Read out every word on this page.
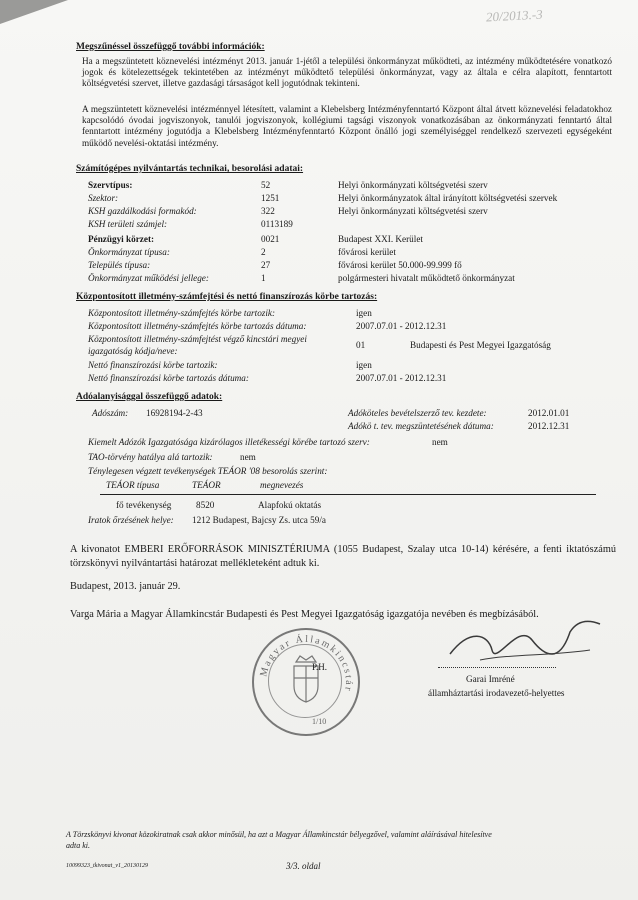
20/2013.-3

Megszűnéssel összefüggő további információk:
Ha a megszüntetett köznevelési intézményt 2013. január 1-jétől a települési önkormányzat működteti, az intézmény működtetésére vonatkozó jogok és kötelezettségek tekintetében az intézményt működtető települési önkormányzat, vagy az általa e célra alapított, fenntartott költségvetési szervet, illetve gazdasági társaságot kell jogutódnak tekinteni.
A megszüntetett köznevelési intézménnyel létesített, valamint a Klebelsberg Intézményfenntartó Központ által átvett köznevelési feladatokhoz kapcsolódó óvodai jogviszonyok, tanulói jogviszonyok, kollégiumi tagsági viszonyok vonatkozásában az önkormányzati fenntartó által fenntartott intézmény jogutódja a Klebelsberg Intézményfenntartó Központ önálló jogi személyiséggel rendelkező szervezeti egységeként működő nevelési-oktatási intézmény.
Számítógépes nyilvántartás technikai, besorolási adatai:
Szervtípus:	52	Helyi önkormányzati költségvetési szerv
Szektor:	1251	Helyi önkormányzatok által irányított költségvetési szervek
KSH gazdálkodási formakód:	322	Helyi önkormányzati költségvetési szerv
KSH területi számjel:	0113189
Pénzügyi körzet:	0021	Budapest XXI. Kerület
Önkormányzat típusa:	2	fővárosi kerület
Település típusa:	27	fővárosi kerület 50.000-99.999 fő
Önkormányzat működési jellege:	1	polgármesteri hivatalt működtető önkormányzat
Központosított illetmény-számfejtési és nettó finanszírozás körbe tartozás:
Központosított illetmény-számfejtés körbe tartozik:	igen
Központosított illetmény-számfejtés körbe tartozás dátuma:	2007.07.01 - 2012.12.31
Központosított illetmény-számfejtést végző kincstári megyei
igazgatóság kódja/neve:
01	Budapesti és Pest Megyei Igazgatóság
Nettó finanszírozási körbe tartozik:	igen
Nettó finanszírozási körbe tartozás dátuma:	2007.07.01 - 2012.12.31
Adóalanyisággal összefüggő adatok:
Adószám: 16928194-2-43	Adóköteles bevételszerző tev. kezdete:	2012.01.01
Adókö t. tev. megszüntetésének dátuma:	2012.12.31
Kiemelt Adózók Igazgatósága kizárólagos illetékességi körébe tartozó szerv:	nem
TAO-törvény hatálya alá tartozik:	nem
Ténylegesen végzett tevékenységek TEÁOR '08 besorolás szerint:
TEÁOR típusa	TEÁOR	megnevezés
fő tevékenység	8520	Alapfokú oktatás
Iratok őrzésének helye: 1212 Budapest, Bajcsy Zs. utca 59/a
A kivonatot EMBERI ERŐFORRÁSOK MINISZTÉRIUMA (1055 Budapest, Szalay utca 10-14) kérésére, a fenti iktatószámú törzskönyvi nyilvántartási határozat mellékleteként adtuk ki.
Budapest, 2013. január 29.
Varga Mária a Magyar Államkincstár Budapesti és Pest Megyei Igazgatóság igazgatója nevében és megbízásából.
Magyar Államkincstár
1/10
P.H.
Garai Imréné
államháztartási irodavezető-helyettes
A Törzskönyvi kivonat közokiratnak csak akkor minősül, ha azt a Magyar Államkincstár bélyegzővel, valamint aláírásával hitelesítve
adta ki.
10099323_tkivonat_v1_20130129	3/3. oldal
